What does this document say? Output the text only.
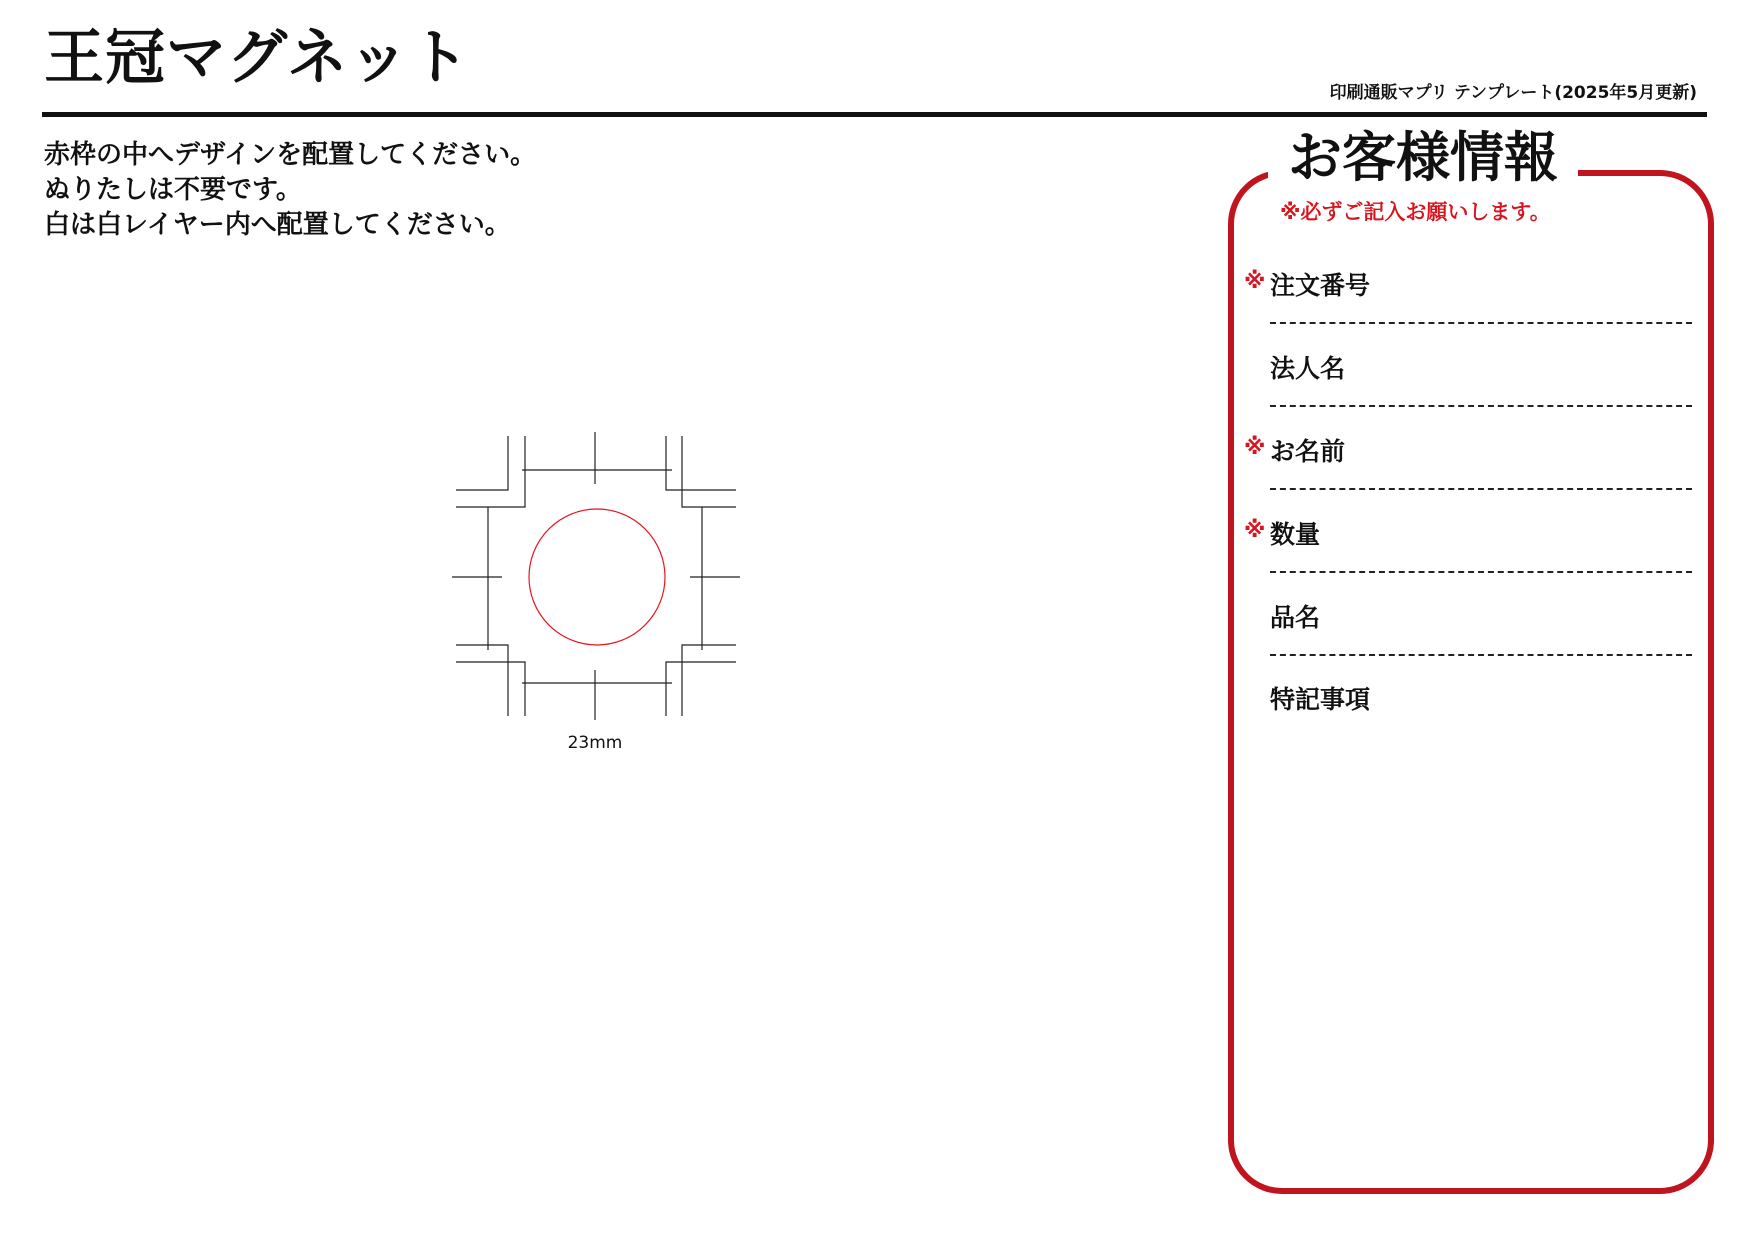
王冠マグネット	印刷通販マプリ テンプレート(2025年5月更新)
赤枠の中へデザインを配置してください。
ぬりたしは不要です。
白は白レイヤー内へ配置してください。
23mm
お客様情報
※必ずご記入お願いします。
※ 注文番号
法人名
※ お名前
※ 数量
品名
特記事項
